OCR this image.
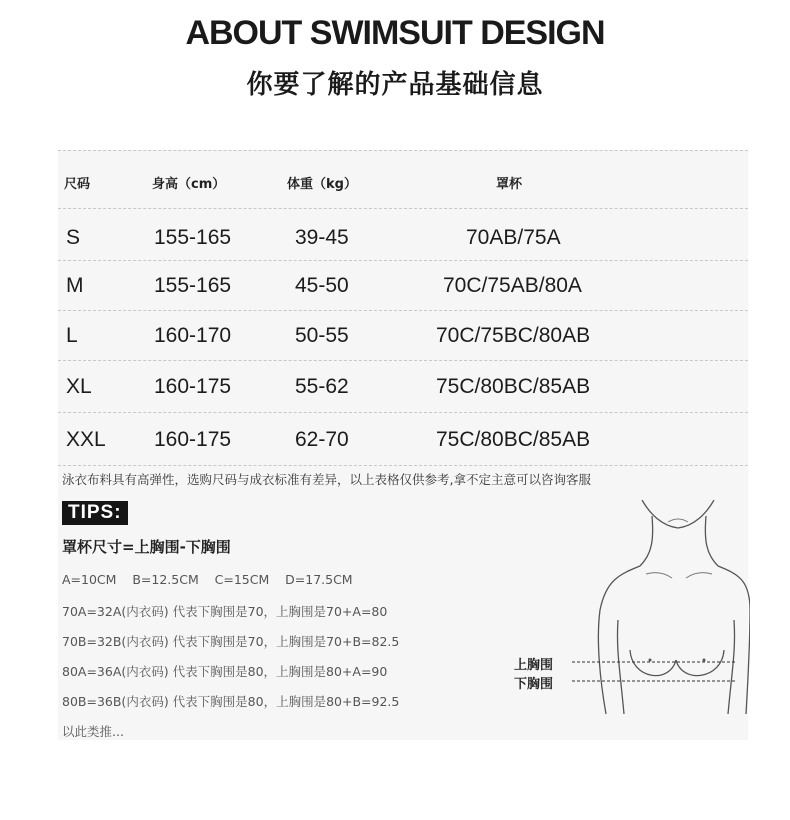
ABOUT SWIMSUIT DESIGN
你要了解的产品基础信息
尺码	身高（cm）	体重（kg）	罩杯
S	155-165	39-45	70AB/75A
M	155-165	45-50	70C/75AB/80A
L	160-170	50-55	70C/75BC/80AB
XL	160-175	55-62	75C/80BC/85AB
XXL 160-175	62-70	75C/80BC/85AB
泳衣布料具有高弹性，选购尺码与成衣标准有差异，以上表格仅供参考,拿不定主意可以咨询客服
TIPS:
罩杯尺寸=上胸围-下胸围
A=10CM    B=12.5CM    C=15CM    D=17.5CM
70A=32A(内衣码) 代表下胸围是70，上胸围是70+A=80
70B=32B(内衣码) 代表下胸围是70，上胸围是70+B=82.5
80A=36A(内衣码) 代表下胸围是80，上胸围是80+A=90
80B=36B(内衣码) 代表下胸围是80，上胸围是80+B=92.5
以此类推...
上胸围
下胸围
